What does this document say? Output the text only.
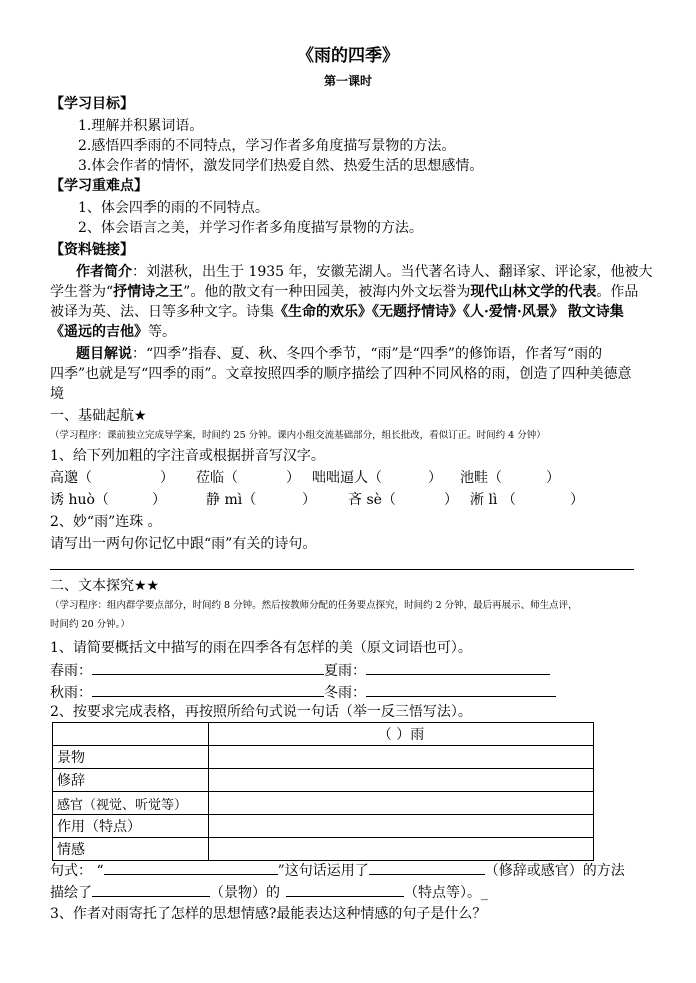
《雨的四季》
第一课时
【学习目标】
1.理解并积累词语。
2.感悟四季雨的不同特点，学习作者多角度描写景物的方法。
3.体会作者的情怀，激发同学们热爱自然、热爱生活的思想感情。
【学习重难点】
1、体会四季的雨的不同特点。
2、体会语言之美，并学习作者多角度描写景物的方法。
【资料链接】
作者简介：刘湛秋，出生于 1935 年，安徽芜湖人。当代著名诗人、翻译家、评论家，他被大
学生誉为“抒情诗之王”。他的散文有一种田园美，被海内外文坛誉为现代山林文学的代表。作品
被译为英、法、日等多种文字。诗集《生命的欢乐》《无题抒情诗》《人·爱情·风景》 散文诗集
《遥远的吉他》等。
题目解说：“四季”指春、夏、秋、冬四个季节，“雨”是“四季”的修饰语，作者写“雨的
四季”也就是写“四季的雨”。文章按照四季的顺序描绘了四种不同风格的雨，创造了四种美德意
境
一、基础起航★
（学习程序：课前独立完成导学案，时间约 25 分钟。课内小组交流基础部分，组长批改，看似订正。时间约 4 分钟）
1、给下列加粗的字注音或根据拼音写汉字。
高邈（	） 莅临（	） 咄咄逼人（	） 池畦（	）
诱 huò（	）	静 mì（	） 吝 sè（	） 淅 lì （	）
2、妙“雨”连珠 。
请写出一两句你记忆中跟“雨”有关的诗句。
二、文本探究★★
（学习程序：组内群学要点部分，时间约 8 分钟。然后按教师分配的任务要点探究，时间约 2 分钟，最后再展示、师生点评，
时间约 20 分钟。）
1、请简要概括文中描写的雨在四季各有怎样的美（原文词语也可）。
春雨：	夏雨：
秋雨：	冬雨：
2、按要求完成表格，再按照所给句式说一句话（举一反三悟写法）。
	（ ）雨
景物	
修辞	
感官（视觉、听觉等）	
作用（特点）	
情感	
句式： “	”这句话运用了	（修辞或感官）的方法
描绘了	（景物）的	（特点等）。_
3、作者对雨寄托了怎样的思想情感?最能表达这种情感的句子是什么？
